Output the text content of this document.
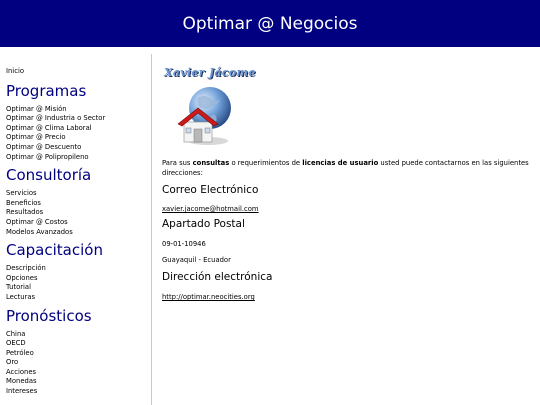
Optimar @ Negocios
Inicio
Programas
Optimar @ Misión
Optimar @ Industria o Sector
Optimar @ Clima Laboral
Optimar @ Precio
Optimar @ Descuento
Optimar @ Polipropileno
Consultoría
Servicios
Beneficios
Resultados
Optimar @ Costos
Modelos Avanzados
Capacitación
Descripción
Opciones
Tutorial
Lecturas
Pronósticos
China
OECD
Petróleo
Oro
Acciones
Monedas
Intereses
Xavier Jácome
Para sus consultas o requerimientos de licencias de usuario usted puede contactarnos en las siguientes direcciones:
Correo Electrónico
xavier.jacome@hotmail.com
Apartado Postal
09-01-10946
Guayaquil - Ecuador
Dirección electrónica
http://optimar.neocities.org
